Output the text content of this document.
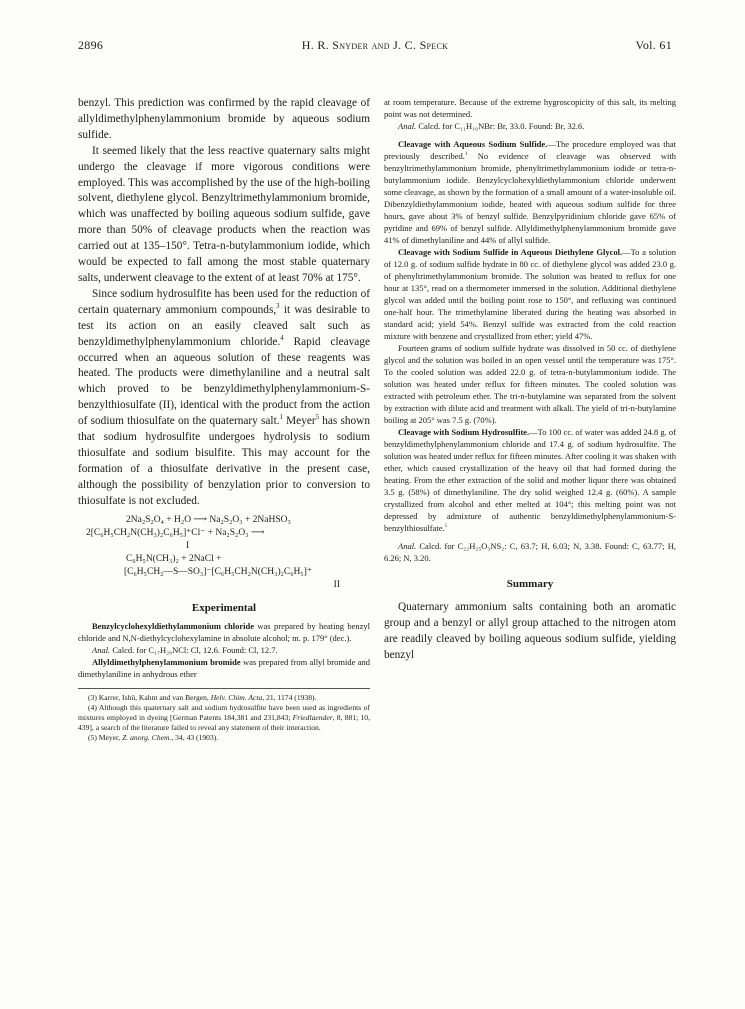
2896	H. R. Snyder and J. C. Speck	Vol. 61

benzyl. This prediction was confirmed by the rapid cleavage of allyldimethylphenylammonium bromide by aqueous sodium sulfide.

It seemed likely that the less reactive quaternary salts might undergo the cleavage if more vigorous conditions were employed. This was accomplished by the use of the high-boiling solvent, diethylene glycol. Benzyltrimethylammonium bromide, which was unaffected by boiling aqueous sodium sulfide, gave more than 50% of cleavage products when the reaction was carried out at 135–150°. Tetra-n-butylammonium iodide, which would be expected to fall among the most stable quaternary salts, underwent cleavage to the extent of at least 70% at 175°.

Since sodium hydrosulfite has been used for the reduction of certain quaternary ammonium compounds,$^3$ it was desirable to test its action on an easily cleaved salt such as benzyldimethylphenylammonium chloride.$^4$ Rapid cleavage occurred when an aqueous solution of these reagents was heated. The products were dimethylaniline and a neutral salt which proved to be benzyldimethylphenylammonium-S-benzylthiosulfate (II), identical with the product from the action of sodium thiosulfate on the quaternary salt.$^1$ Meyer$^5$ has shown that sodium hydrosulfite undergoes hydrolysis to sodium thiosulfate and sodium bisulfite. This may account for the formation of a thiosulfate derivative in the present case, although the possibility of benzylation prior to conversion to thiosulfate is not excluded.

2Na₂S₂O₄ + H₂O ⟶ Na₂S₂O₃ + 2NaHSO₃
2[C₆H₅CH₂N(CH₃)₂C₆H₅]⁺Cl⁻ + Na₂S₂O₃ ⟶
I
C₆H₅N(CH₃)₂ + 2NaCl +
[C₆H₅CH₂—S—SO₃]⁻[C₆H₅CH₂N(CH₃)₂C₆H₅]⁺
II
Experimental

Benzylcyclohexyldiethylammonium chloride was prepared by heating benzyl chloride and N,N-diethylcyclohexylamine in absolute alcohol; m. p. 179° (dec.).

Anal. Calcd. for C₁₇H₂₈NCl: Cl, 12.6. Found: Cl, 12.7.

Allyldimethylphenylammonium bromide was prepared from allyl bromide and dimethylaniline in anhydrous ether

(3) Karrer, Ishü, Kahnt and van Bergen, Helv. Chim. Acta, 21, 1174 (1938).

(4) Although this quaternary salt and sodium hydrosulfite have been used as ingredients of mixtures employed in dyeing [German Patents 184,381 and 231,843; Friedlaender, 8, 881; 10, 439], a search of the literature failed to reveal any statement of their interaction.

(5) Meyer, Z. anorg. Chem., 34, 43 (1903).

at room temperature. Because of the extreme hygroscopicity of this salt, its melting point was not determined.

Anal. Calcd. for C₁₁H₁₆NBr: Br, 33.0. Found: Br, 32.6.

Cleavage with Aqueous Sodium Sulfide.—The procedure employed was that previously described.$^1$ No evidence of cleavage was observed with benzyltrimethylammonium bromide, phenyltrimethylammonium iodide or tetra-n-butylammonium iodide. Benzylcyclohexyldiethylammonium chloride underwent some cleavage, as shown by the formation of a small amount of a water-insoluble oil. Dibenzyldiethylammonium iodide, heated with aqueous sodium sulfide for three hours, gave about 3% of benzyl sulfide. Benzylpyridinium chloride gave 65% of pyridine and 69% of benzyl sulfide. Allyldimethylphenylammonium bromide gave 41% of dimethylaniline and 44% of allyl sulfide.

Cleavage with Sodium Sulfide in Aqueous Diethylene Glycol.—To a solution of 12.0 g. of sodium sulfide hydrate in 80 cc. of diethylene glycol was added 23.0 g. of phenyltrimethylammonium bromide. The solution was heated to reflux for one hour at 135°, read on a thermometer immersed in the solution. Additional diethylene glycol was added until the boiling point rose to 150°, and refluxing was continued one-half hour. The trimethylamine liberated during the heating was absorbed in standard acid; yield 54%. Benzyl sulfide was extracted from the cold reaction mixture with benzene and crystallized from ether; yield 47%.

Fourteen grams of sodium sulfide hydrate was dissolved in 50 cc. of diethylene glycol and the solution was boiled in an open vessel until the temperature was 175°. To the cooled solution was added 22.0 g. of tetra-n-butylammonium iodide. The solution was heated under reflux for fifteen minutes. The cooled solution was extracted with petroleum ether. The tri-n-butylamine was separated from the solvent by extraction with dilute acid and treatment with alkali. The yield of tri-n-butylamine boiling at 205° was 7.5 g. (70%).

Cleavage with Sodium Hydrosulfite.—To 100 cc. of water was added 24.8 g. of benzyldimethylphenylammonium chloride and 17.4 g. of sodium hydrosulfite. The solution was heated under reflux for fifteen minutes. After cooling it was shaken with ether, which caused crystallization of the heavy oil that had formed during the heating. From the ether extraction of the solid and mother liquor there was obtained 3.5 g. (58%) of dimethylaniline. The dry solid weighed 12.4 g. (60%). A sample crystallized from alcohol and ether melted at 104°; this melting point was not depressed by admixture of authentic benzyldimethylphenylammonium-S-benzylthiosulfate.$^1$

Anal. Calcd. for C₂₂H₂₅O₃NS₂: C, 63.7; H, 6.03; N, 3.38. Found: C, 63.77; H, 6.26; N, 3.20.

Summary

Quaternary ammonium salts containing both an aromatic group and a benzyl or allyl group attached to the nitrogen atom are readily cleaved by boiling aqueous sodium sulfide, yielding benzyl
